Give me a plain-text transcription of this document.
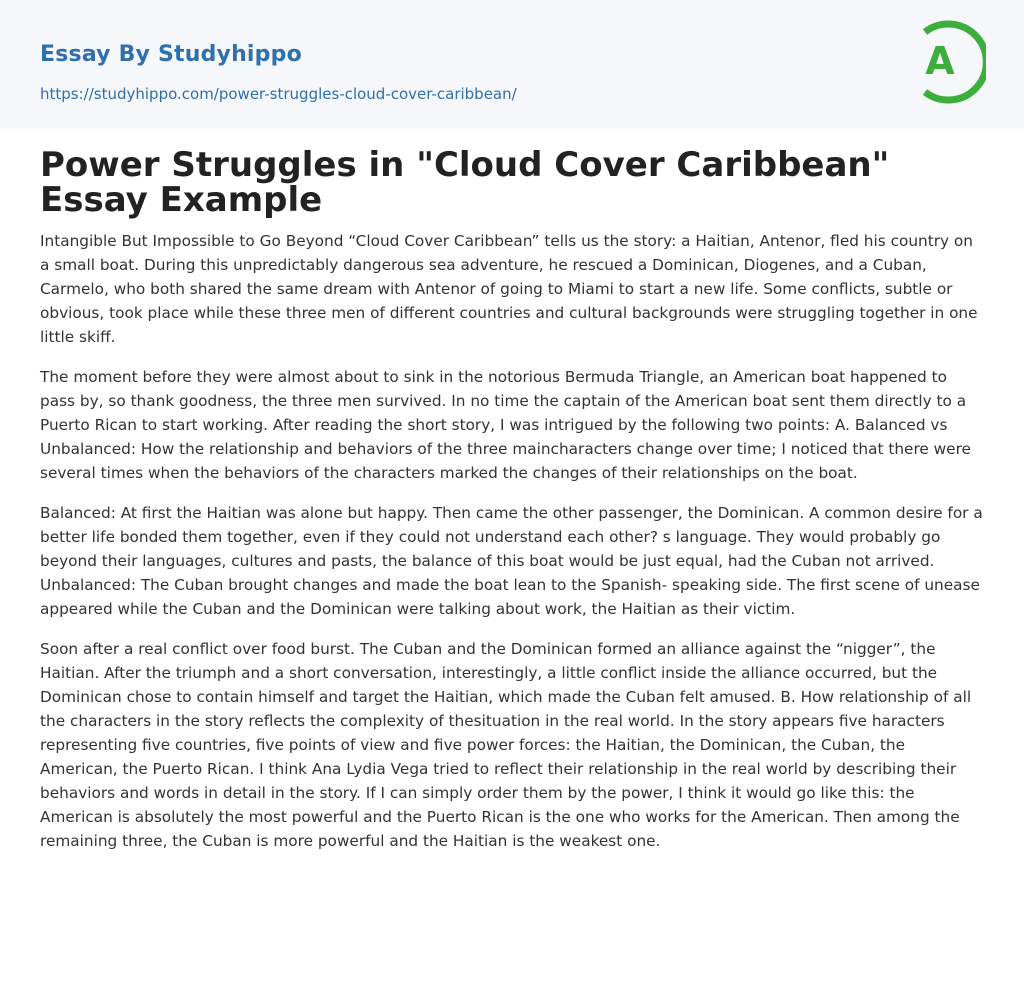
Essay By Studyhippo
https://studyhippo.com/power-struggles-cloud-cover-caribbean/
A
Power Struggles in "Cloud Cover Caribbean" Essay Example

Intangible But Impossible to Go Beyond “Cloud Cover Caribbean” tells us the story: a Haitian, Antenor, fled his country on a small boat. During this unpredictably dangerous sea adventure, he rescued a Dominican, Diogenes, and a Cuban, Carmelo, who both shared the same dream with Antenor of going to Miami to start a new life. Some conflicts, subtle or obvious, took place while these three men of different countries and cultural backgrounds were struggling together in one little skiff.

The moment before they were almost about to sink in the notorious Bermuda Triangle, an American boat happened to pass by, so thank goodness, the three men survived. In no time the captain of the American boat sent them directly to a Puerto Rican to start working. After reading the short story, I was intrigued by the following two points: A. Balanced vs Unbalanced: How the relationship and behaviors of the three maincharacters change over time; I noticed that there were several times when the behaviors of the characters marked the changes of their relationships on the boat.

Balanced: At first the Haitian was alone but happy. Then came the other passenger, the Dominican. A common desire for a better life bonded them together, even if they could not understand each other? s language. They would probably go beyond their languages, cultures and pasts, the balance of this boat would be just equal, had the Cuban not arrived. Unbalanced: The Cuban brought changes and made the boat lean to the Spanish- speaking side. The first scene of unease appeared while the Cuban and the Dominican were talking about work, the Haitian as their victim.

Soon after a real conflict over food burst. The Cuban and the Dominican formed an alliance against the “nigger”, the Haitian. After the triumph and a short conversation, interestingly, a little conflict inside the alliance occurred, but the Dominican chose to contain himself and target the Haitian, which made the Cuban felt amused. B. How relationship of all the characters in the story reflects the complexity of thesituation in the real world. In the story appears five haracters representing five countries, five points of view and five power forces: the Haitian, the Dominican, the Cuban, the American, the Puerto Rican. I think Ana Lydia Vega tried to reflect their relationship in the real world by describing their behaviors and words in detail in the story. If I can simply order them by the power, I think it would go like this: the American is absolutely the most powerful and the Puerto Rican is the one who works for the American. Then among the remaining three, the Cuban is more powerful and the Haitian is the weakest one.
